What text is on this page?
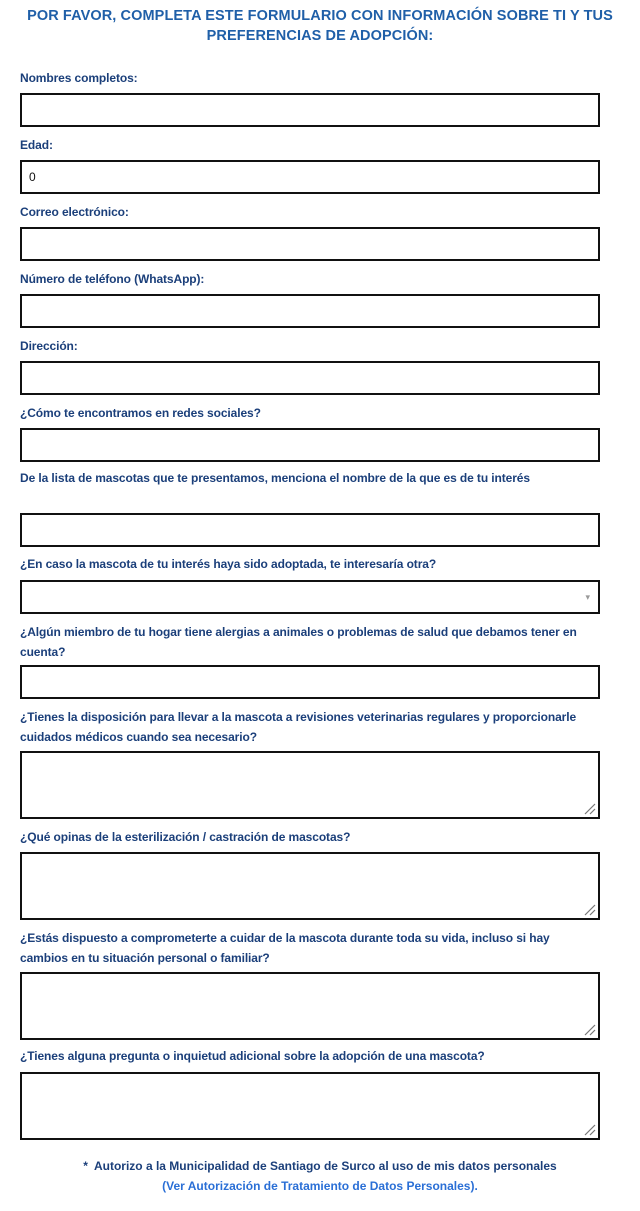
POR FAVOR, COMPLETA ESTE FORMULARIO CON INFORMACIÓN SOBRE TI Y TUS PREFERENCIAS DE ADOPCIÓN:
Nombres completos:
Edad:
0
Correo electrónico:
Número de teléfono (WhatsApp):
Dirección:
¿Cómo te encontramos en redes sociales?
De la lista de mascotas que te presentamos, menciona el nombre de la que es de tu interés
¿En caso la mascota de tu interés haya sido adoptada, te interesaría otra?
▾
¿Algún miembro de tu hogar tiene alergias a animales o problemas de salud que debamos tener en cuenta?
¿Tienes la disposición para llevar a la mascota a revisiones veterinarias regulares y proporcionarle cuidados médicos cuando sea necesario?
¿Qué opinas de la esterilización / castración de mascotas?
¿Estás dispuesto a comprometerte a cuidar de la mascota durante toda su vida, incluso si hay cambios en tu situación personal o familiar?
¿Tienes alguna pregunta o inquietud adicional sobre la adopción de una mascota?
* Autorizo a la Municipalidad de Santiago de Surco al uso de mis datos personales
(Ver Autorización de Tratamiento de Datos Personales).
